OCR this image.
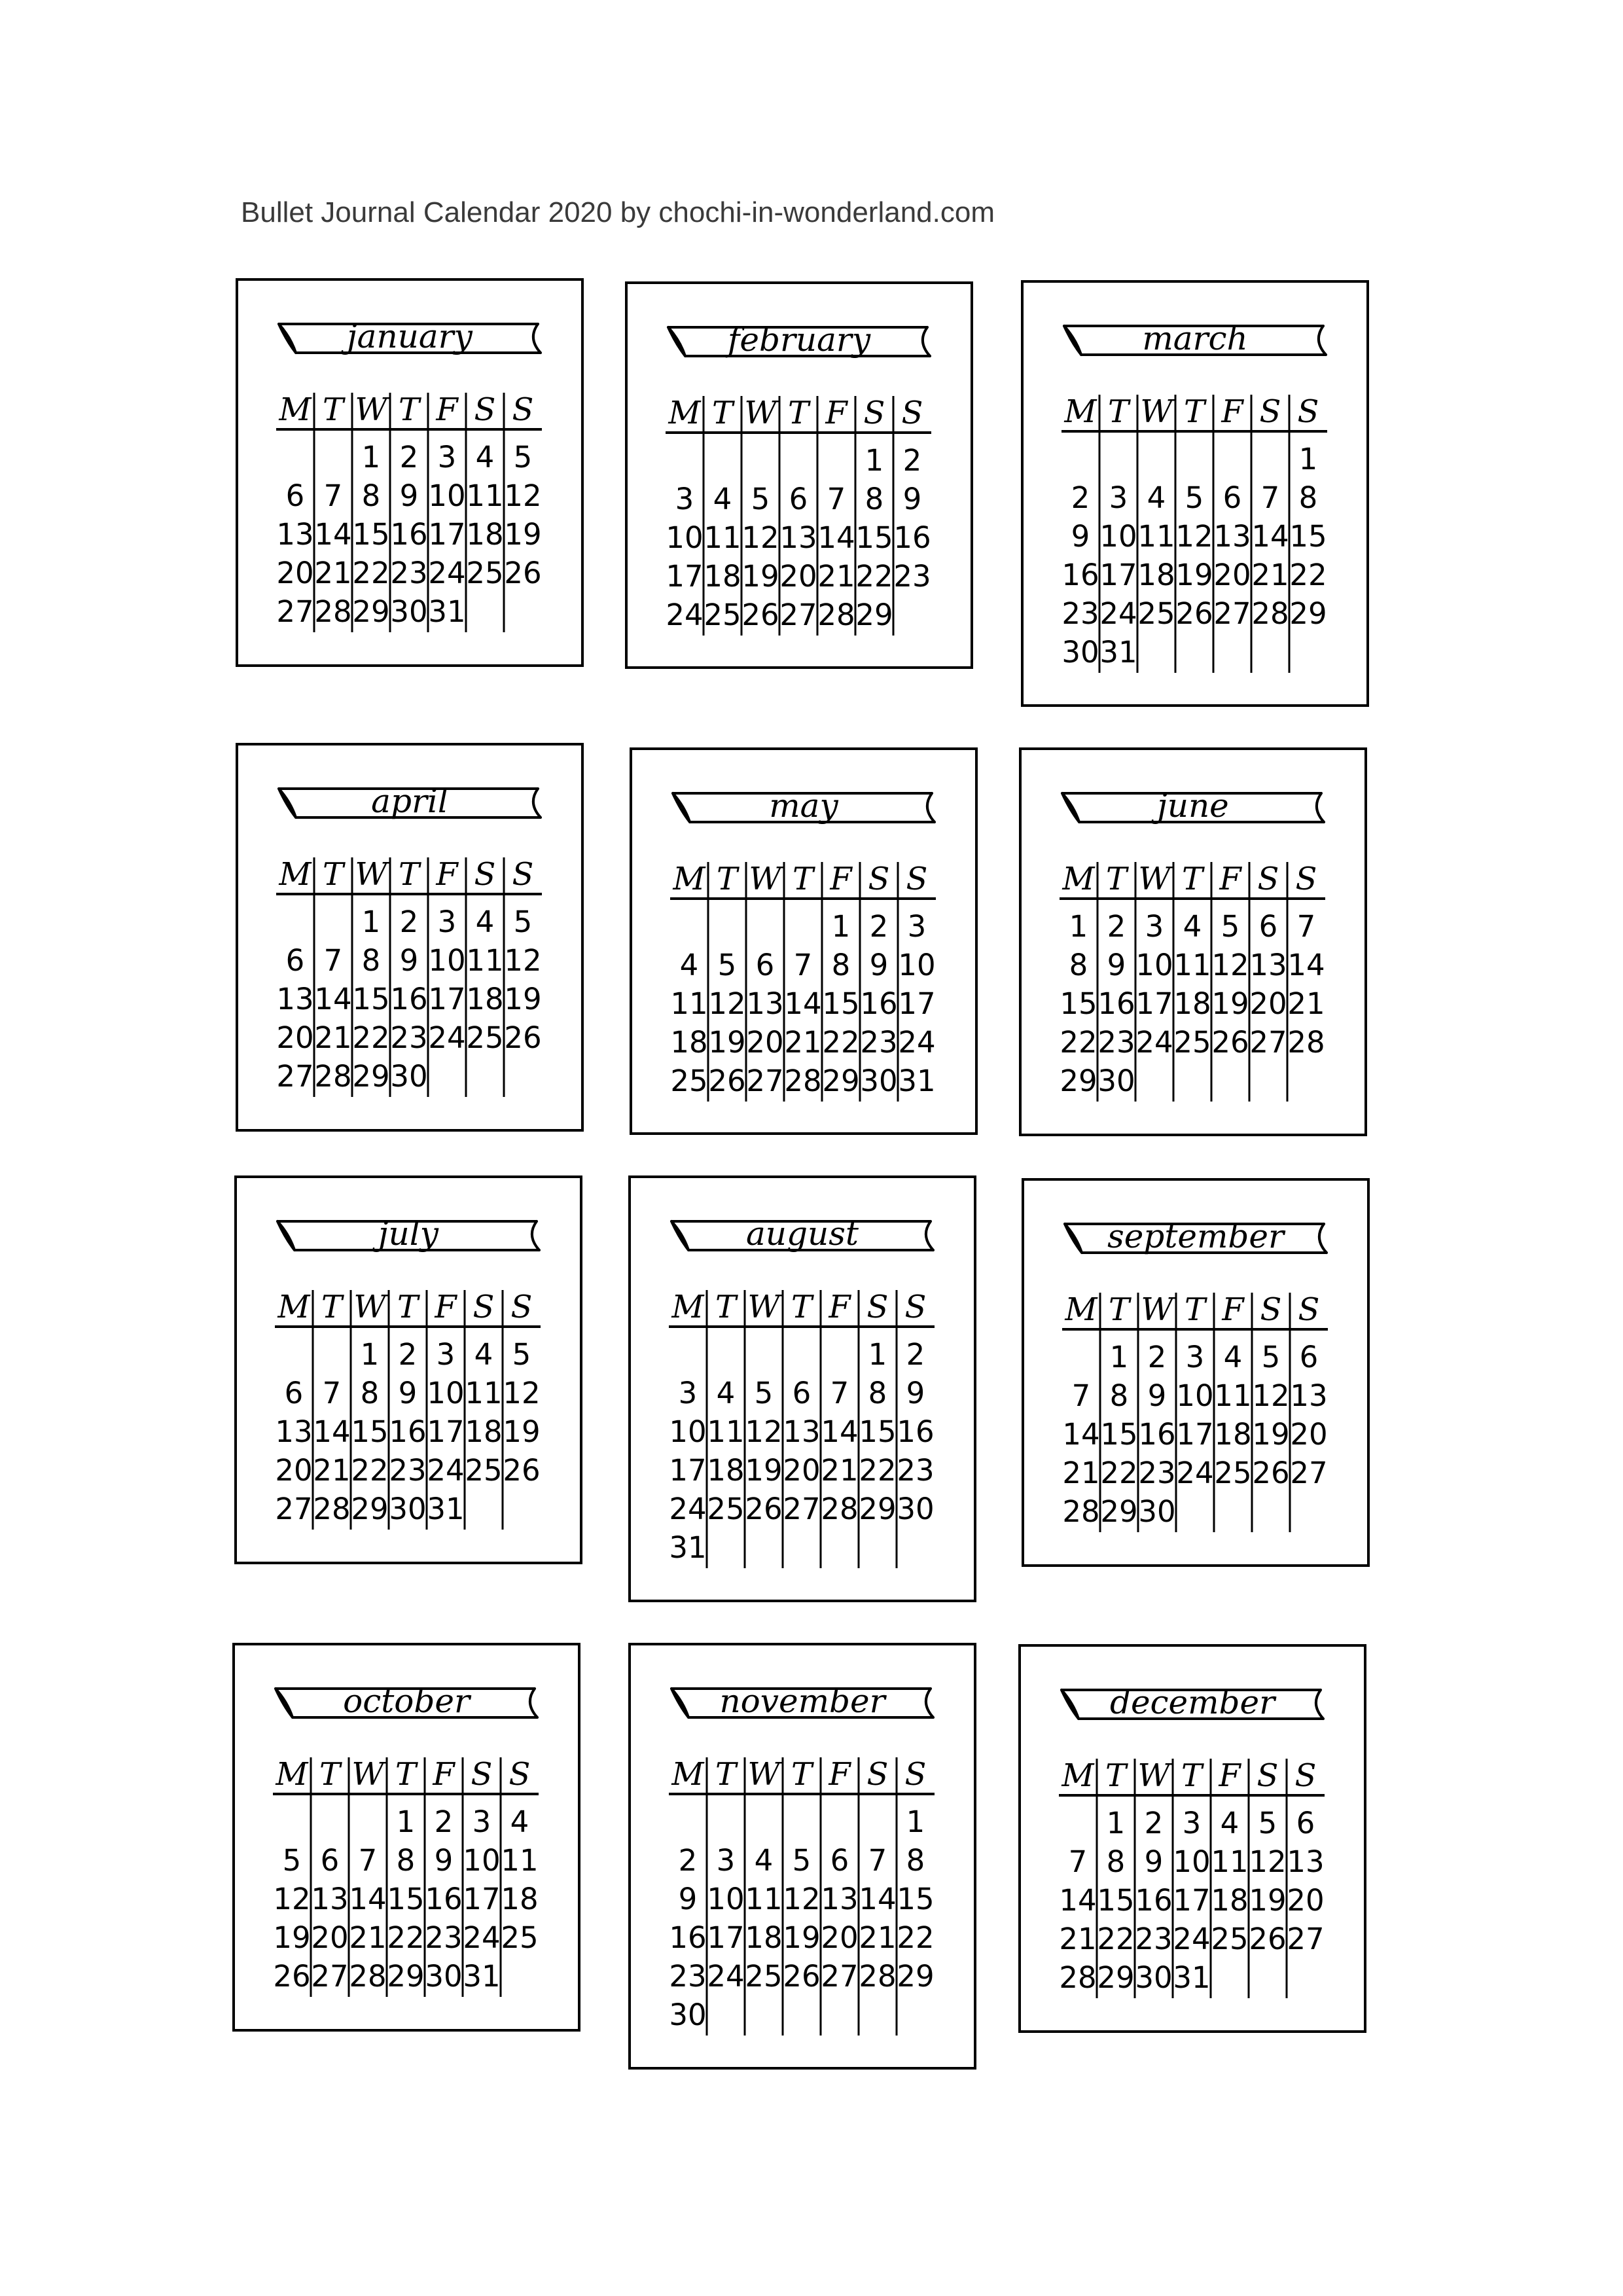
Bullet Journal Calendar 2020 by chochi-in-wonderland.com
january
M T W T F S S
1 2 3 4 5
6 7 8 9 10 11 12
13 14 15 16 17 18 19
20 21 22 23 24 25 26
27 28 29 30 31
february
M T W T F S S
1 2
3 4 5 6 7 8 9
10 11 12 13 14 15 16
17 18 19 20 21 22 23
24 25 26 27 28 29
march
M T W T F S S
1
2 3 4 5 6 7 8
9 10 11 12 13 14 15
16 17 18 19 20 21 22
23 24 25 26 27 28 29
30 31
april
M T W T F S S
1 2 3 4 5
6 7 8 9 10 11 12
13 14 15 16 17 18 19
20 21 22 23 24 25 26
27 28 29 30
may
M T W T F S S
1 2 3
4 5 6 7 8 9 10
11 12 13 14 15 16 17
18 19 20 21 22 23 24
25 26 27 28 29 30 31
june
M T W T F S S
1 2 3 4 5 6 7
8 9 10 11 12 13 14
15 16 17 18 19 20 21
22 23 24 25 26 27 28
29 30
july
M T W T F S S
1 2 3 4 5
6 7 8 9 10 11 12
13 14 15 16 17 18 19
20 21 22 23 24 25 26
27 28 29 30 31
august
M T W T F S S
1 2
3 4 5 6 7 8 9
10 11 12 13 14 15 16
17 18 19 20 21 22 23
24 25 26 27 28 29 30
31
september
M T W T F S S
1 2 3 4 5 6
7 8 9 10 11 12 13
14 15 16 17 18 19 20
21 22 23 24 25 26 27
28 29 30
october
M T W T F S S
1 2 3 4
5 6 7 8 9 10 11
12 13 14 15 16 17 18
19 20 21 22 23 24 25
26 27 28 29 30 31
november
M T W T F S S
1
2 3 4 5 6 7 8
9 10 11 12 13 14 15
16 17 18 19 20 21 22
23 24 25 26 27 28 29
30
december
M T W T F S S
1 2 3 4 5 6
7 8 9 10 11 12 13
14 15 16 17 18 19 20
21 22 23 24 25 26 27
28 29 30 31
